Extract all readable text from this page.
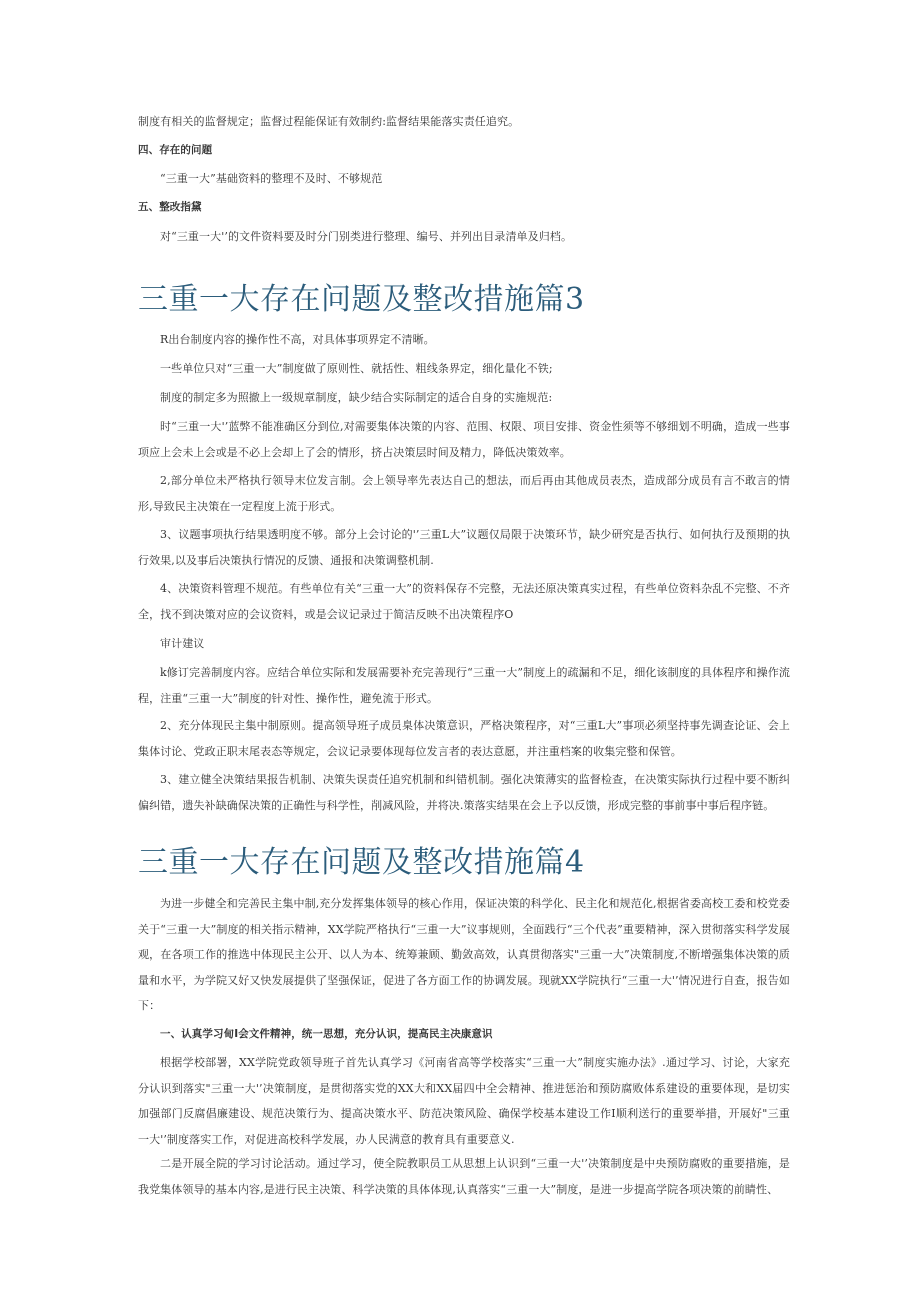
制度有相关的监督规定；监督过程能保证有效制约:监督结果能落实责任追究。

四、存在的问题

“三重一大”基础资料的整理不及时、不够规范

五、整改指黛

对“三重一大'’的文件资料要及时分门别类进行整理、编号、并列出目录清单及归档。

三重一大存在问题及整改措施篇3

R出台制度内容的操作性不高，对具体事项界定不清晰。

一些单位只对“三重一大”制度做了原则性、就括性、粗线条界定，细化量化不铁;

制度的制定多为照撤上一级规章制度，缺少结合实际制定的适合自身的实施规范:

时“三重一大'’蓝弊不能准确区分到位,对需要集体决策的内容、范围、权限、项目安排、资金性须等不够细划不明确，造成一些事项应上会未上会或是不必上会却上了会的情形，挤占决策层时间及精力，降低决策效率。

2,部分单位未严格执行领导末位发言制。会上领导率先表达自己的想法，而后再由其他成员表杰，造成部分成员有言不敢言的情形,导致民主决策在一定程度上流于形式。

3、议题事项执行结果透明度不够。部分上会讨论的'’三重L大”议题仅局限于决策环节，缺少研究是否执行、如何执行及预期的执行效果,以及事后决策执行情况的反馈、通报和决策调整机制.

4、决策资料管理不规范。有些单位有关“三重一大”的资料保存不完整，无法还原决策真实过程，有些单位资料杂乱不完整、不齐全，找不到决策对应的会议资料，或是会议记录过于简洁反映不出决策程序O

审计建议

k修订完善制度内容。应结合单位实际和发展需要补充完善现行“三重一大”制度上的疏漏和不足，细化该制度的具体程序和操作流程，注重“三重一大”制度的针对性、操作性，避免流于形式。

2、充分体现民主集中制原则。提高领导班子成员臬体决策意识，严格决策程序，对“三重L大”事项必须坚持事先调查论证、会上集体讨论、党政正职末尾表态等规定，会议记录要体现每位发言者的表达意愿，并注重档案的收集完整和保管。

3、建立健全决策结果报告机制、决策失误责任追究机制和纠错机制。强化决策薄实的监督检查，在决策实际执行过程中要不断纠偏纠错，遗失补缺确保决策的正确性与科学性，削减风险，并将决.策落实结果在会上予以反馈，形成完整的事前事中事后程序链。

三重一大存在问题及整改措施篇4

为进一步健全和完善民主集中制,充分发挥集体领导的核心作用，保证决策的科学化、民主化和规范化,根据省委高校工委和校党委关于“三重一大”制度的相关指示精神，XX学院严格执行“三重一大”议事规则，全面践行“三个代表”重要精神，深入贯彻落实科学发展观，在各项工作的推选中体现民主公开、以人为本、统筹兼顾、勤敛高效，认真贯彻落实"三重一大”决策制度,不断增强集体决策的质量和水平，为学院又好又快发展提供了坚强保证，促进了各方面工作的协调发展。现就XX学院执行“三重一大'’情况进行自查，报告如下：

一、认真学习甸I会文件精神，统一思想，充分认识，提高民主决康意识

根据学校部署，XX学院党政领导班子首先认真学习《河南省高等学校落实“三重一大”制度实施办法》.通过学习、讨论，大家充分认识到落实"三重一大'’决策制度，是贯彻落实党的XX大和XX届四中全会精神、推进惩治和预防腐败体系建设的重要体现，是切实加强部门反腐倡廉建设、规范决策行为、提高决策水平、防范决策风险、确保学校基本建设工作I顺利送行的重要举措，开展好"三重一大'’制度落实工作，对促进高校科学发展，办人民满意的教育具有重要意义.

二是开展全院的学习讨论活动。通过学习，使全院教职员工从思想上认识到“三重一大'’决策制度是中央预防腐败的重要措施，是我党集体领导的基本内容,是进行民主决策、科学决策的具体体现,认真落实“三重一大”制度，是进一步提高学院各项决策的前睛性、
